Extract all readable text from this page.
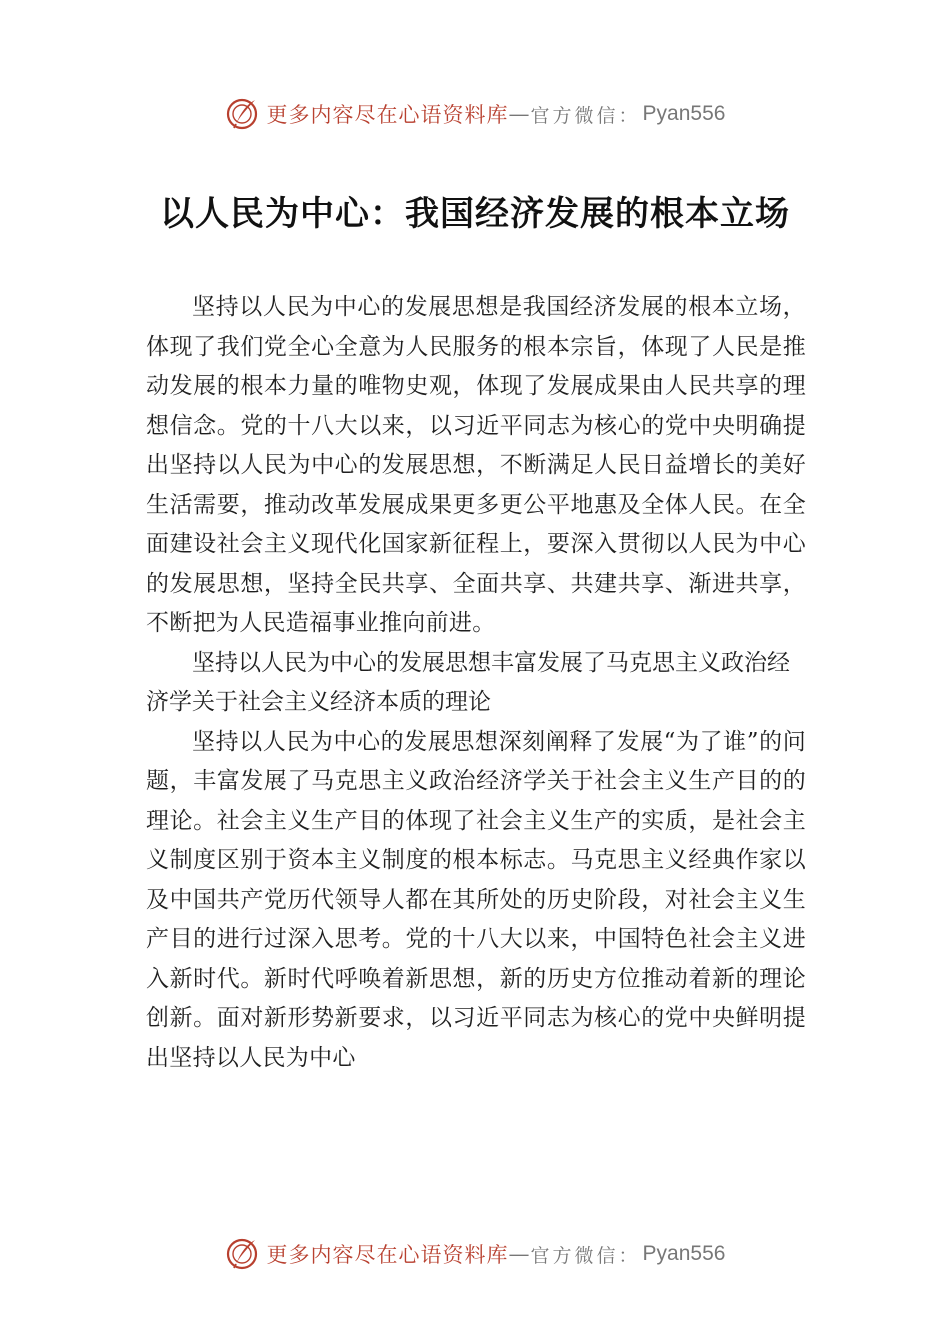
更多内容尽在心语资料库 — 官方微信： Pyan556
以人民为中心：我国经济发展的根本立场

坚持以人民为中心的发展思想是我国经济发展的根本立场，体现了我们党全心全意为人民服务的根本宗旨，体现了人民是推动发展的根本力量的唯物史观，体现了发展成果由人民共享的理想信念。党的十八大以来，以习近平同志为核心的党中央明确提出坚持以人民为中心的发展思想，不断满足人民日益增长的美好生活需要，推动改革发展成果更多更公平地惠及全体人民。在全面建设社会主义现代化国家新征程上，要深入贯彻以人民为中心的发展思想，坚持全民共享、全面共享、共建共享、渐进共享，不断把为人民造福事业推向前进。

坚持以人民为中心的发展思想丰富发展了马克思主义政治经济学关于社会主义经济本质的理论

坚持以人民为中心的发展思想深刻阐释了发展“为了谁”的问题，丰富发展了马克思主义政治经济学关于社会主义生产目的的理论。社会主义生产目的体现了社会主义生产的实质，是社会主义制度区别于资本主义制度的根本标志。马克思主义经典作家以及中国共产党历代领导人都在其所处的历史阶段，对社会主义生产目的进行过深入思考。党的十八大以来，中国特色社会主义进入新时代。新时代呼唤着新思想，新的历史方位推动着新的理论创新。面对新形势新要求，以习近平同志为核心的党中央鲜明提出坚持以人民为中心

更多内容尽在心语资料库 — 官方微信： Pyan556
